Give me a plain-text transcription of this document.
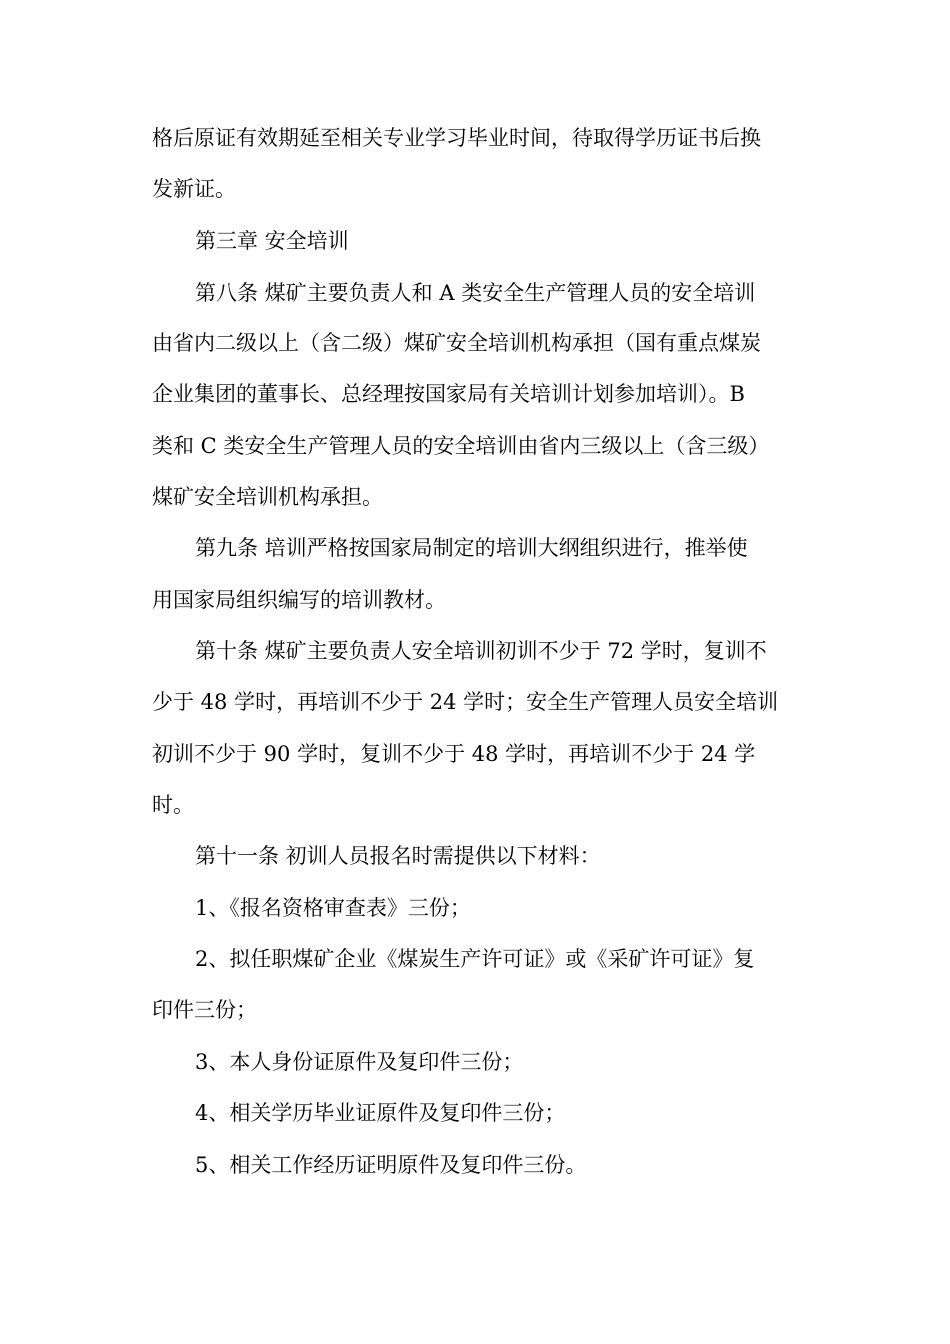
格后原证有效期延至相关专业学习毕业时间，待取得学历证书后换

发新证。

第三章 安全培训

第八条 煤矿主要负责人和 A 类安全生产管理人员的安全培训

由省内二级以上（含二级）煤矿安全培训机构承担（国有重点煤炭

企业集团的董事长、总经理按国家局有关培训计划参加培训）。B

类和 C 类安全生产管理人员的安全培训由省内三级以上（含三级）

煤矿安全培训机构承担。

第九条 培训严格按国家局制定的培训大纲组织进行，推举使

用国家局组织编写的培训教材。

第十条 煤矿主要负责人安全培训初训不少于 72 学时，复训不

少于 48 学时，再培训不少于 24 学时；安全生产管理人员安全培训

初训不少于 90 学时，复训不少于 48 学时，再培训不少于 24 学

时。

第十一条 初训人员报名时需提供以下材料：

1、《报名资格审查表》三份；

2、拟任职煤矿企业《煤炭生产许可证》或《采矿许可证》复

印件三份；

3、本人身份证原件及复印件三份；

4、相关学历毕业证原件及复印件三份；

5、相关工作经历证明原件及复印件三份。
